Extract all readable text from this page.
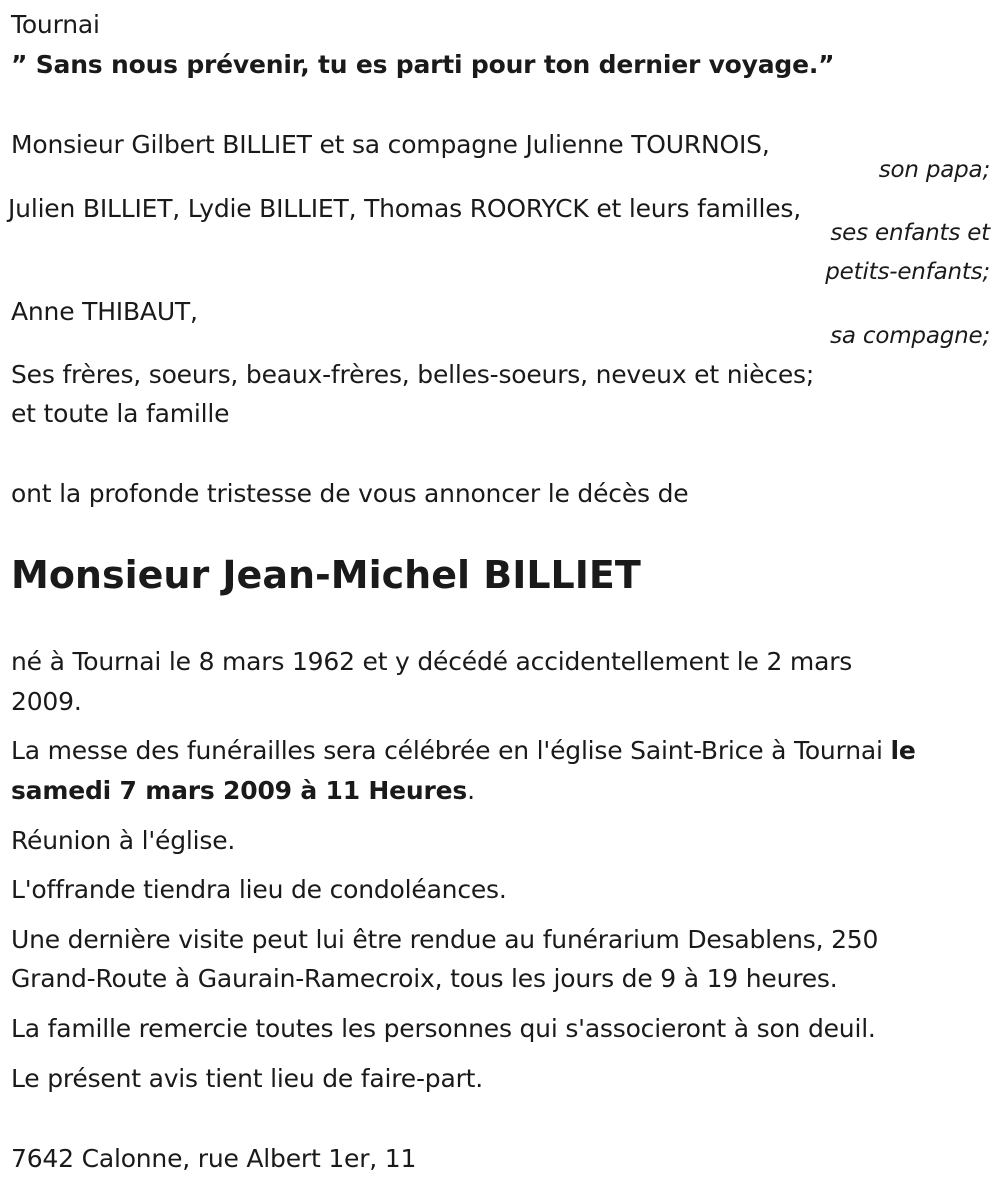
Tournai
” Sans nous prévenir, tu es parti pour ton dernier voyage.”
Monsieur Gilbert BILLIET et sa compagne Julienne TOURNOIS,
son papa;
Julien BILLIET, Lydie BILLIET, Thomas ROORYCK et leurs familles,
ses enfants et
petits-enfants;
Anne THIBAUT,
sa compagne;
Ses frères, soeurs, beaux-frères, belles-soeurs, neveux et nièces;
et toute la famille
ont la profonde tristesse de vous annoncer le décès de
Monsieur Jean-Michel BILLIET
né à Tournai le 8 mars 1962 et y décédé accidentellement le 2 mars
2009.
La messe des funérailles sera célébrée en l'église Saint-Brice à Tournai le
samedi 7 mars 2009 à 11 Heures.
Réunion à l'église.
L'offrande tiendra lieu de condoléances.
Une dernière visite peut lui être rendue au funérarium Desablens, 250
Grand-Route à Gaurain-Ramecroix, tous les jours de 9 à 19 heures.
La famille remercie toutes les personnes qui s'associeront à son deuil.
Le présent avis tient lieu de faire-part.
7642 Calonne, rue Albert 1er, 11
